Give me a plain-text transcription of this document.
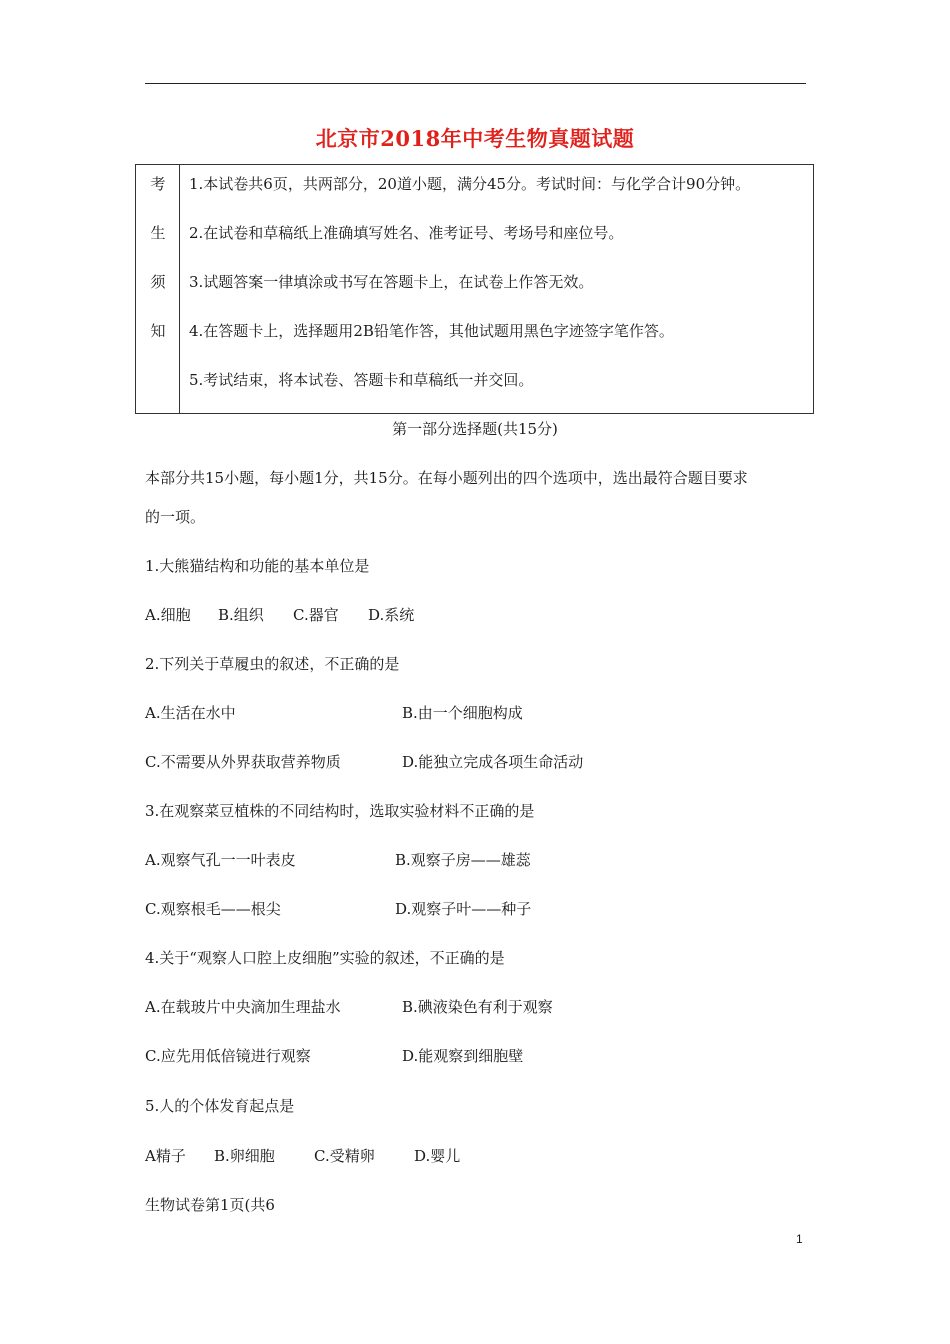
北京市2018年中考生物真题试题
考
生
须
知
1.本试卷共6页，共两部分，20道小题，满分45分。考试时间：与化学合计90分钟。
2.在试卷和草稿纸上准确填写姓名、准考证号、考场号和座位号。
3.试题答案一律填涂或书写在答题卡上，在试卷上作答无效。
4.在答题卡上，选择题用2B铅笔作答，其他试题用黑色字迹签字笔作答。
5.考试结束，将本试卷、答题卡和草稿纸一并交回。
第一部分选择题(共15分)
本部分共15小题，每小题1分，共15分。在每小题列出的四个选项中，选出最符合题目要求
的一项。
1.大熊猫结构和功能的基本单位是
A.细胞 B.组织 C.器官 D.系统
2.下列关于草履虫的叙述，不正确的是
A.生活在水中	B.由一个细胞构成
C.不需要从外界获取营养物质	D.能独立完成各项生命活动
3.在观察菜豆植株的不同结构时，选取实验材料不正确的是
A.观察气孔一一叶表皮	B.观察子房——雄蕊
C.观察根毛——根尖	D.观察子叶——种子
4.关于“观察人口腔上皮细胞”实验的叙述，不正确的是
A.在载玻片中央滴加生理盐水	B.碘液染色有利于观察
C.应先用低倍镜进行观察	D.能观察到细胞壁
5.人的个体发育起点是
A精子 B.卵细胞	C.受精卵	D.婴儿
生物试卷第1页(共6
1
